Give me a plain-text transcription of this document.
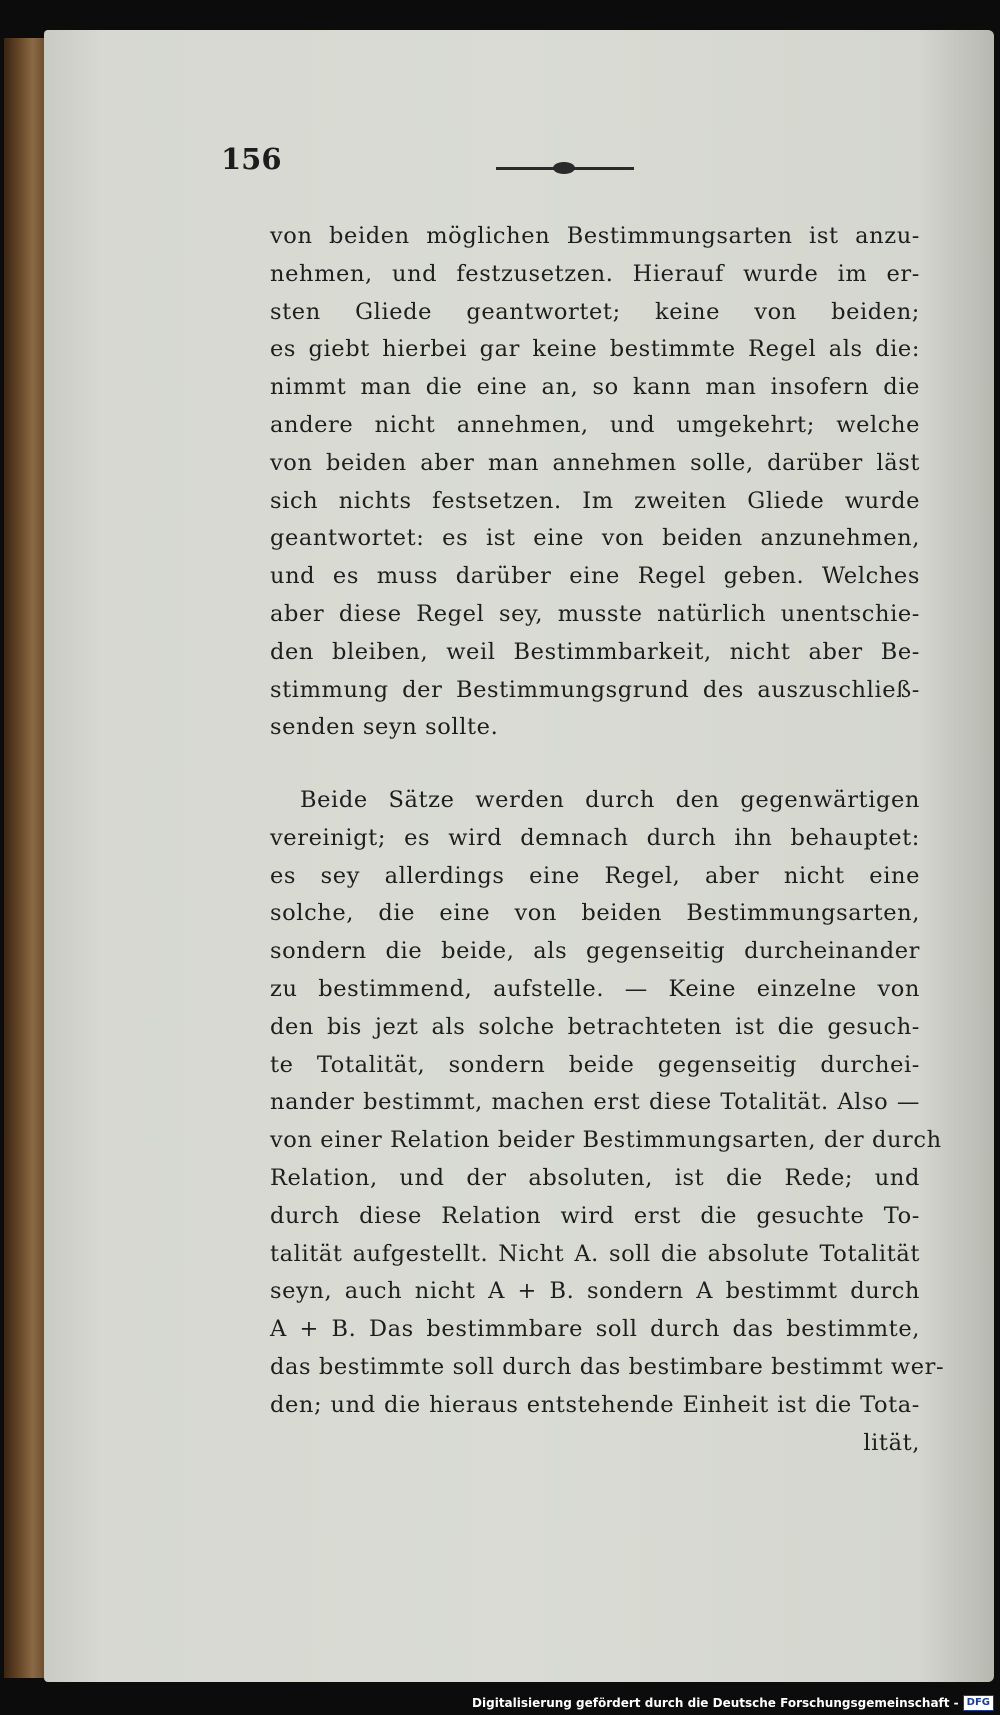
156
von beiden möglichen Bestimmungsarten ist anzu-
nehmen, und festzusetzen. Hierauf wurde im er-
sten Gliede geantwortet; keine von beiden;
es giebt hierbei gar keine bestimmte Regel als die:
nimmt man die eine an, so kann man insofern die
andere nicht annehmen, und umgekehrt; welche
von beiden aber man annehmen solle, darüber läst
sich nichts festsetzen. Im zweiten Gliede wurde
geantwortet: es ist eine von beiden anzunehmen,
und es muss darüber eine Regel geben. Welches
aber diese Regel sey, musste natürlich unentschie-
den bleiben, weil Bestimmbarkeit, nicht aber Be-
stimmung der Bestimmungsgrund des auszuschließ-
senden seyn sollte.
Beide Sätze werden durch den gegenwärtigen
vereinigt; es wird demnach durch ihn behauptet:
es sey allerdings eine Regel, aber nicht eine
solche, die eine von beiden Bestimmungsarten,
sondern die beide, als gegenseitig durcheinander
zu bestimmend, aufstelle. — Keine einzelne von
den bis jezt als solche betrachteten ist die gesuch-
te Totalität, sondern beide gegenseitig durchei-
nander bestimmt, machen erst diese Totalität. Also —
von einer Relation beider Bestimmungsarten, der durch
Relation, und der absoluten, ist die Rede; und
durch diese Relation wird erst die gesuchte To-
talität aufgestellt. Nicht A. soll die absolute Totalität
seyn, auch nicht A + B. sondern A bestimmt durch
A + B. Das bestimmbare soll durch das bestimmte,
das bestimmte soll durch das bestimbare bestimmt wer-
den; und die hieraus entstehende Einheit ist die Tota-
lität,
Digitalisierung gefördert durch die Deutsche Forschungsgemeinschaft - DFG
